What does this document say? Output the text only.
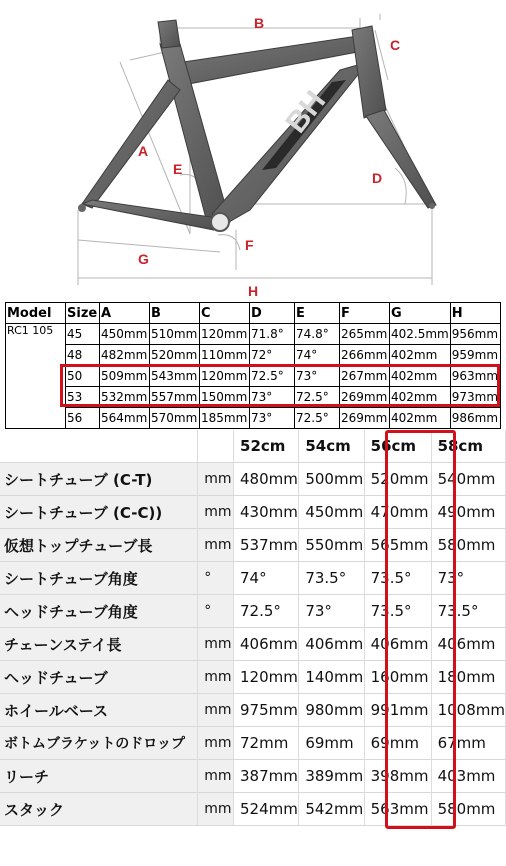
BH
B
C
A
E
D
F
G
H
Model	Size	A	B	C	D	E	F	G	H
RC1 105	45	450mm	510mm	120mm	71.8°	74.8°	265mm	402.5mm	956mm
	48	482mm	520mm	110mm	72°	74°	266mm	402mm	959mm
	50	509mm	543mm	120mm	72.5°	73°	267mm	402mm	963mm
	53	532mm	557mm	150mm	73°	72.5°	269mm	402mm	973mm
	56	564mm	570mm	185mm	73°	72.5°	269mm	402mm	986mm
		52cm	54cm	56cm	58cm
シートチューブ (C-T)	mm	480mm	500mm	520mm	540mm
シートチューブ (C-C))	mm	430mm	450mm	470mm	490mm
仮想トップチューブ長	mm	537mm	550mm	565mm	580mm
シートチューブ角度	°	74°	73.5°	73.5°	73°
ヘッドチューブ角度	°	72.5°	73°	73.5°	73.5°
チェーンステイ長	mm	406mm	406mm	406mm	406mm
ヘッドチューブ	mm	120mm	140mm	160mm	180mm
ホイールベース	mm	975mm	980mm	991mm	1008mm
ボトムブラケットのドロップ	mm	72mm	69mm	69mm	67mm
リーチ	mm	387mm	389mm	398mm	403mm
スタック	mm	524mm	542mm	563mm	580mm
